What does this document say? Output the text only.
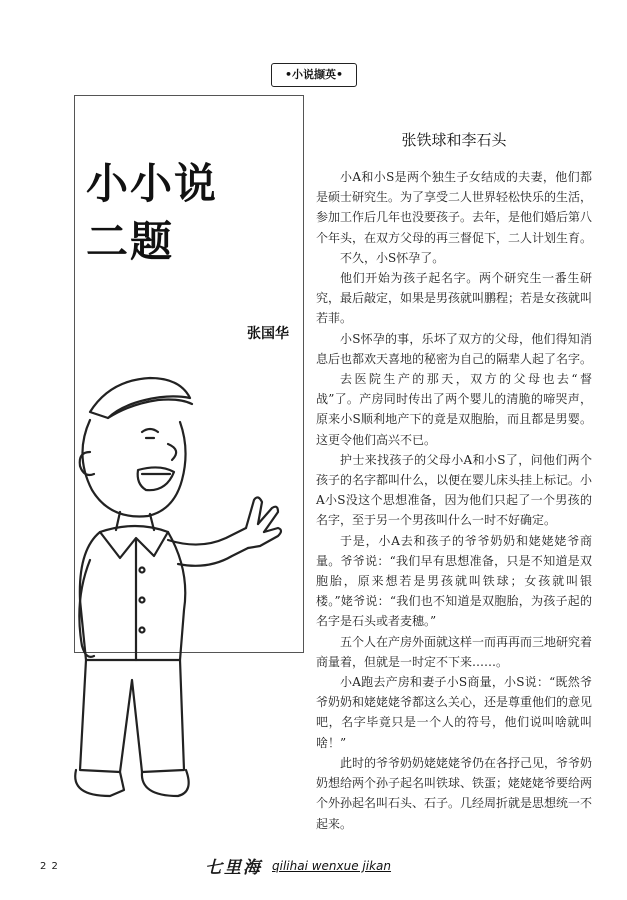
•小说撷英•
小小说
二题
张国华
张铁球和李石头

小A和小S是两个独生子女结成的夫妻，他们都是硕士研究生。为了享受二人世界轻松快乐的生活，参加工作后几年也没要孩子。去年，是他们婚后第八个年头，在双方父母的再三督促下，二人计划生育。

不久，小S怀孕了。

他们开始为孩子起名字。两个研究生一番生研究，最后敲定，如果是男孩就叫鹏程；若是女孩就叫若菲。

小S怀孕的事，乐坏了双方的父母，他们得知消息后也都欢天喜地的秘密为自己的隔辈人起了名字。

去医院生产的那天，双方的父母也去“督战”了。产房同时传出了两个婴儿的清脆的啼哭声，原来小S顺利地产下的竟是双胞胎，而且都是男婴。这更令他们高兴不已。

护士来找孩子的父母小A和小S了，问他们两个孩子的名字都叫什么，以便在婴儿床头挂上标记。小A小S没这个思想准备，因为他们只起了一个男孩的名字，至于另一个男孩叫什么一时不好确定。

于是，小A去和孩子的爷爷奶奶和姥姥姥爷商量。爷爷说：“我们早有思想准备，只是不知道是双胞胎，原来想若是男孩就叫铁球；女孩就叫银楼。”姥爷说：“我们也不知道是双胞胎，为孩子起的名字是石头或者麦穗。”

五个人在产房外面就这样一而再再而三地研究着商量着，但就是一时定不下来……。

小A跑去产房和妻子小S商量，小S说：“既然爷爷奶奶和姥姥姥爷都这么关心，还是尊重他们的意见吧，名字毕竟只是一个人的符号，他们说叫啥就叫啥！”

此时的爷爷奶奶姥姥姥爷仍在各抒己见，爷爷奶奶想给两个孙子起名叫铁球、铁蛋；姥姥姥爷要给两个外孙起名叫石头、石子。几经周折就是思想统一不起来。

2 2	七里海 qilihai wenxue jikan
